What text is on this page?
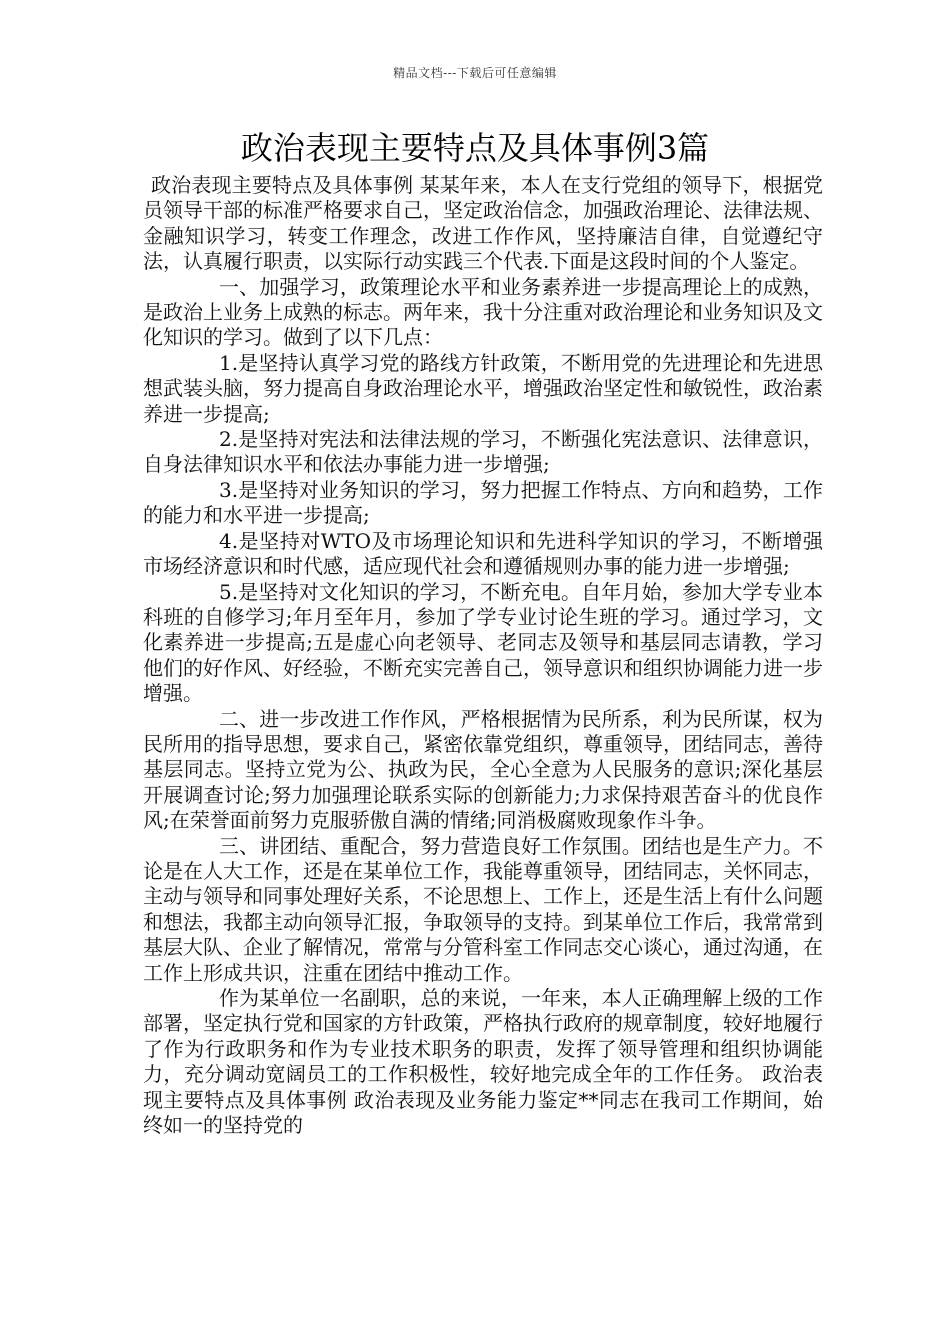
精品文档---下载后可任意编辑
政治表现主要特点及具体事例3篇

政治表现主要特点及具体事例 某某年来，本人在支行党组的领导下，根据党员领导干部的标准严格要求自己，坚定政治信念，加强政治理论、法律法规、金融知识学习，转变工作理念，改进工作作风，坚持廉洁自律，自觉遵纪守法，认真履行职责，以实际行动实践三个代表.下面是这段时间的个人鉴定。

一、加强学习，政策理论水平和业务素养进一步提高理论上的成熟，是政治上业务上成熟的标志。两年来，我十分注重对政治理论和业务知识及文化知识的学习。做到了以下几点：

1.是坚持认真学习党的路线方针政策，不断用党的先进理论和先进思想武装头脑，努力提高自身政治理论水平，增强政治坚定性和敏锐性，政治素养进一步提高;

2.是坚持对宪法和法律法规的学习，不断强化宪法意识、法律意识，自身法律知识水平和依法办事能力进一步增强;

3.是坚持对业务知识的学习，努力把握工作特点、方向和趋势，工作的能力和水平进一步提高;

4.是坚持对WTO及市场理论知识和先进科学知识的学习，不断增强市场经济意识和时代感，适应现代社会和遵循规则办事的能力进一步增强;

5.是坚持对文化知识的学习，不断充电。自年月始，参加大学专业本科班的自修学习;年月至年月，参加了学专业讨论生班的学习。通过学习，文化素养进一步提高;五是虚心向老领导、老同志及领导和基层同志请教，学习他们的好作风、好经验，不断充实完善自己，领导意识和组织协调能力进一步增强。

二、进一步改进工作作风，严格根据情为民所系，利为民所谋，权为民所用的指导思想，要求自己，紧密依靠党组织，尊重领导，团结同志，善待基层同志。坚持立党为公、执政为民，全心全意为人民服务的意识;深化基层开展调查讨论;努力加强理论联系实际的创新能力;力求保持艰苦奋斗的优良作风;在荣誉面前努力克服骄傲自满的情绪;同消极腐败现象作斗争。

三、讲团结、重配合，努力营造良好工作氛围。团结也是生产力。不论是在人大工作，还是在某单位工作，我能尊重领导，团结同志，关怀同志，主动与领导和同事处理好关系，不论思想上、工作上，还是生活上有什么问题和想法，我都主动向领导汇报，争取领导的支持。到某单位工作后，我常常到基层大队、企业了解情况，常常与分管科室工作同志交心谈心，通过沟通，在工作上形成共识，注重在团结中推动工作。

作为某单位一名副职，总的来说，一年来，本人正确理解上级的工作部署，坚定执行党和国家的方针政策，严格执行政府的规章制度，较好地履行了作为行政职务和作为专业技术职务的职责，发挥了领导管理和组织协调能力，充分调动宽阔员工的工作积极性，较好地完成全年的工作任务。 政治表现主要特点及具体事例 政治表现及业务能力鉴定**同志在我司工作期间，始终如一的坚持党的
